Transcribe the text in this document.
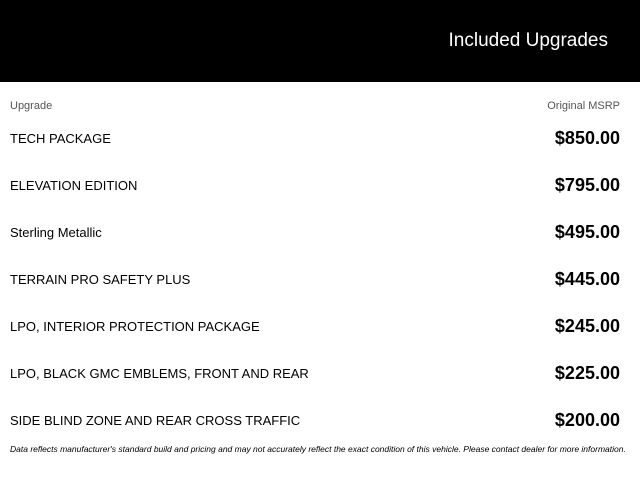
Included Upgrades
Upgrade	Original MSRP
TECH PACKAGE	$850.00
ELEVATION EDITION	$795.00
Sterling Metallic	$495.00
TERRAIN PRO SAFETY PLUS	$445.00
LPO, INTERIOR PROTECTION PACKAGE	$245.00
LPO, BLACK GMC EMBLEMS, FRONT AND REAR	$225.00
SIDE BLIND ZONE AND REAR CROSS TRAFFIC	$200.00
Data reflects manufacturer's standard build and pricing and may not accurately reflect the exact condition of this vehicle. Please contact dealer for more information.
